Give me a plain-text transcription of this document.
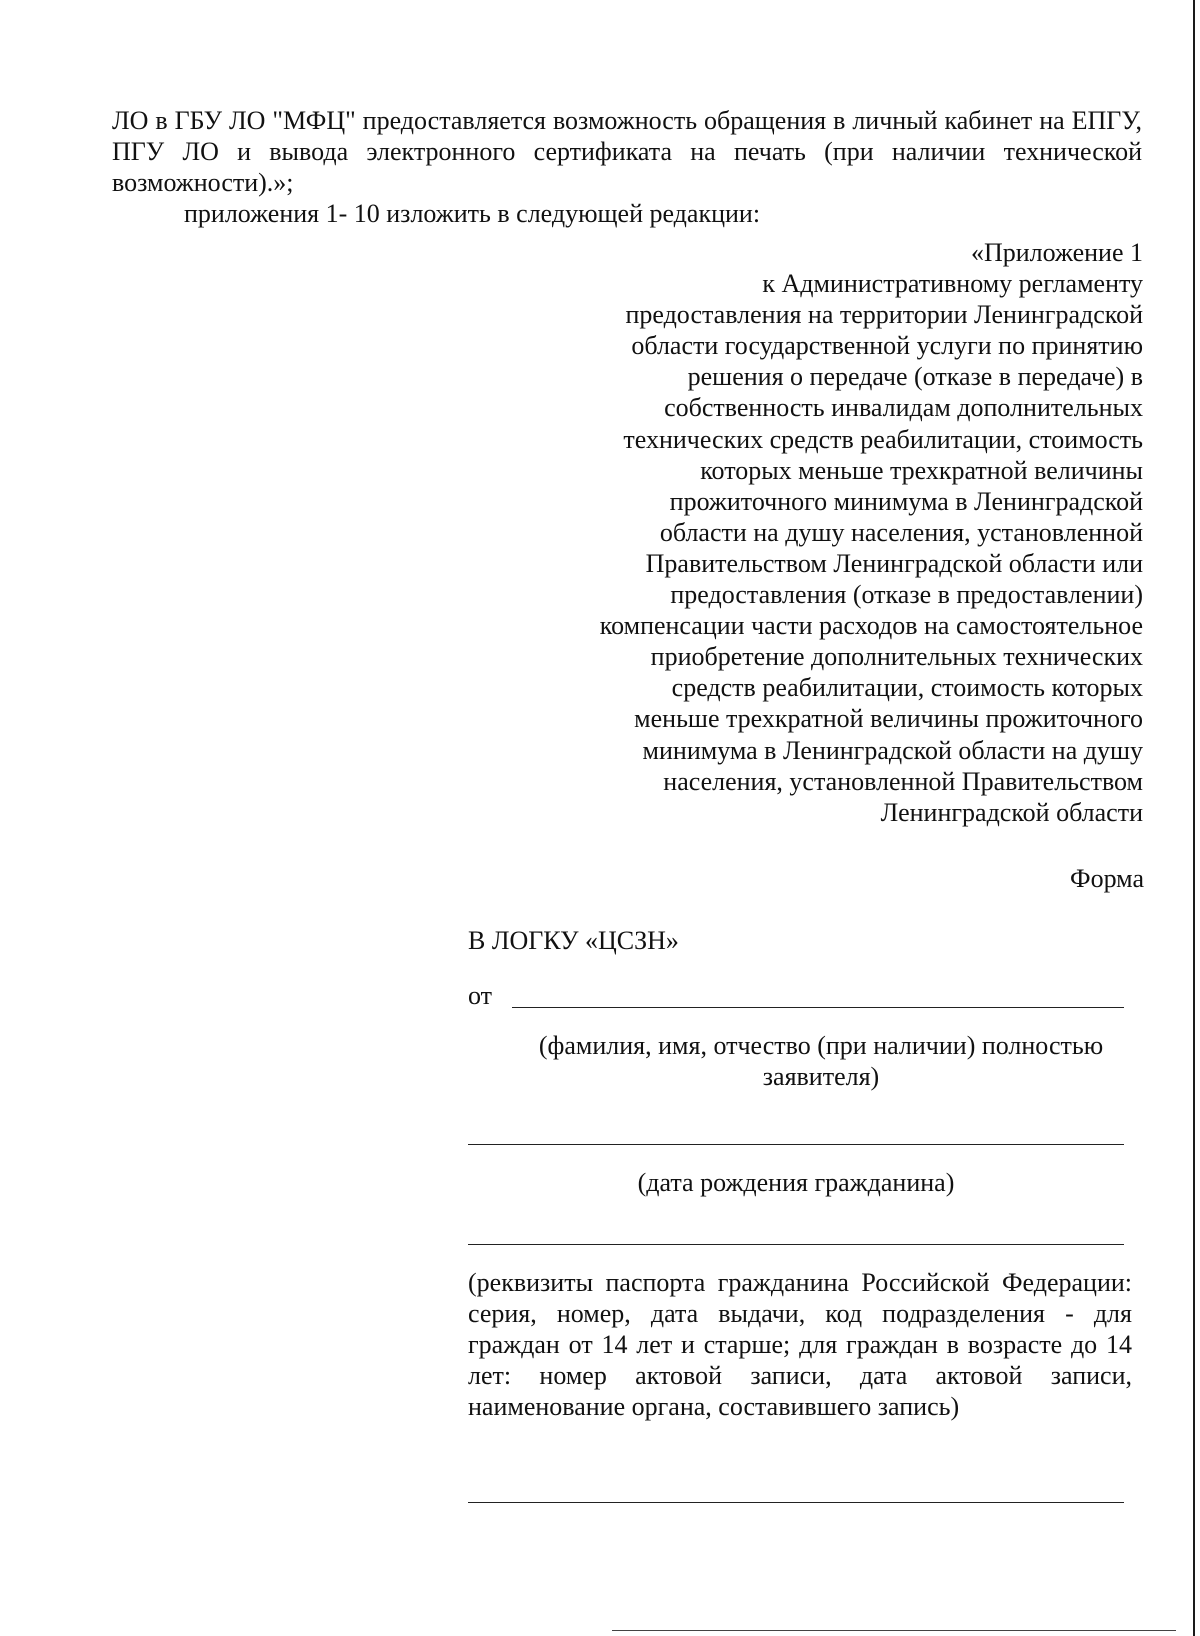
ЛО в ГБУ ЛО "МФЦ" предоставляется возможность обращения в личный кабинет на ЕПГУ, ПГУ ЛО и вывода электронного сертификата на печать (при наличии технической возможности).»;

приложения 1- 10 изложить в следующей редакции:

«Приложение 1
к Административному регламенту
предоставления на территории Ленинградской
области государственной услуги по принятию
решения о передаче (отказе в передаче) в
собственность инвалидам дополнительных
технических средств реабилитации, стоимость
которых меньше трехкратной величины
прожиточного минимума в Ленинградской
области на душу населения, установленной
Правительством Ленинградской области или
предоставления (отказе в предоставлении)
компенсации части расходов на самостоятельное
приобретение дополнительных технических
средств реабилитации, стоимость которых
меньше трехкратной величины прожиточного
минимума в Ленинградской области на душу
населения, установленной Правительством
Ленинградской области
Форма
В ЛОГКУ «ЦСЗН»
от
(фамилия, имя, отчество (при наличии) полностью заявителя)
(дата рождения гражданина)
(реквизиты паспорта гражданина Российской Федерации: серия, номер, дата выдачи, код подразделения - для граждан от 14 лет и старше; для граждан в возрасте до 14 лет: номер актовой записи, дата актовой записи, наименование органа, составившего запись)
